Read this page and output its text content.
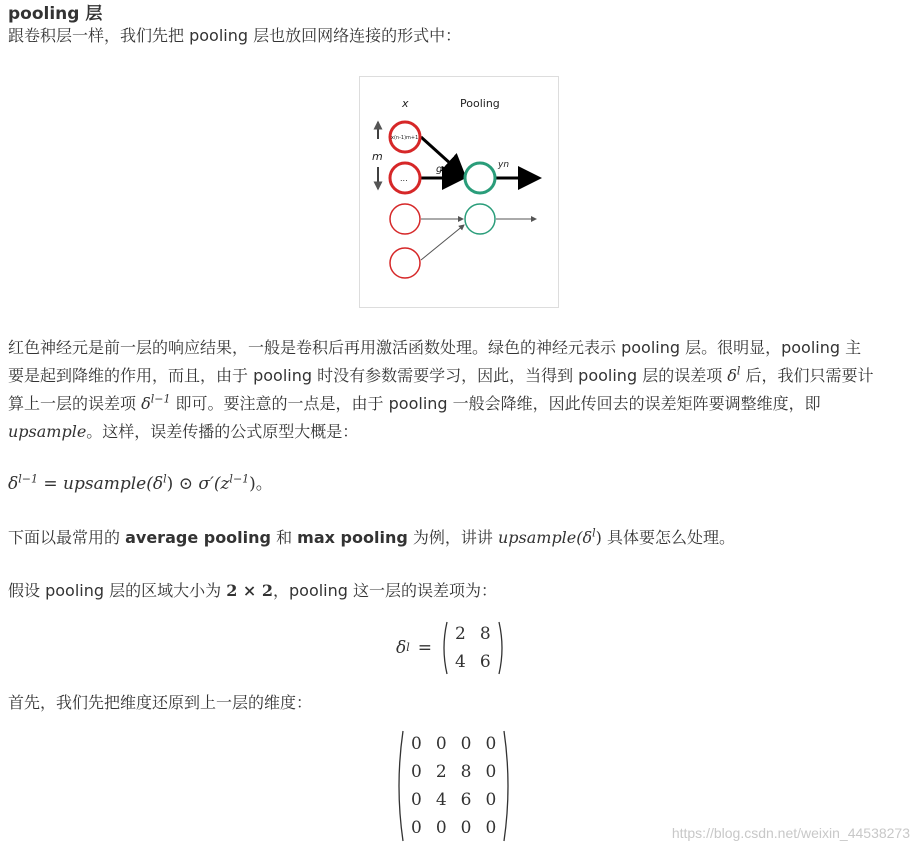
pooling 层
跟卷积层一样，我们先把 pooling 层也放回网络连接的形式中：
x	Pooling
m
g	yn
x(n-1)m+1
...
红色神经元是前一层的响应结果，一般是卷积后再用激活函数处理。绿色的神经元表示 pooling 层。很明显，pooling 主
要是起到降维的作用，而且，由于 pooling 时没有参数需要学习，因此，当得到 pooling 层的误差项 $\delta^l$ 后，我们只需要计
算上一层的误差项 $\delta^{l-1}$ 即可。要注意的一点是，由于 pooling 一般会降维，因此传回去的误差矩阵要调整维度，即
upsample。这样，误差传播的公式原型大概是：
$\delta^{l-1}$ = $upsample(\delta^l)$ ⊙ $\sigma'(z^{l-1})$。
下面以最常用的 average pooling 和 max pooling 为例，讲讲 $upsample(\delta^l)$ 具体要怎么处理。
假设 pooling 层的区域大小为 2 × 2，pooling 这一层的误差项为：
δ l =
2	8
4	6
首先，我们先把维度还原到上一层的维度：
0	0	0	0
0	2	8	0
0	4	6	0
0	0	0	0	https://blog.csdn.net/weixin_44538273
